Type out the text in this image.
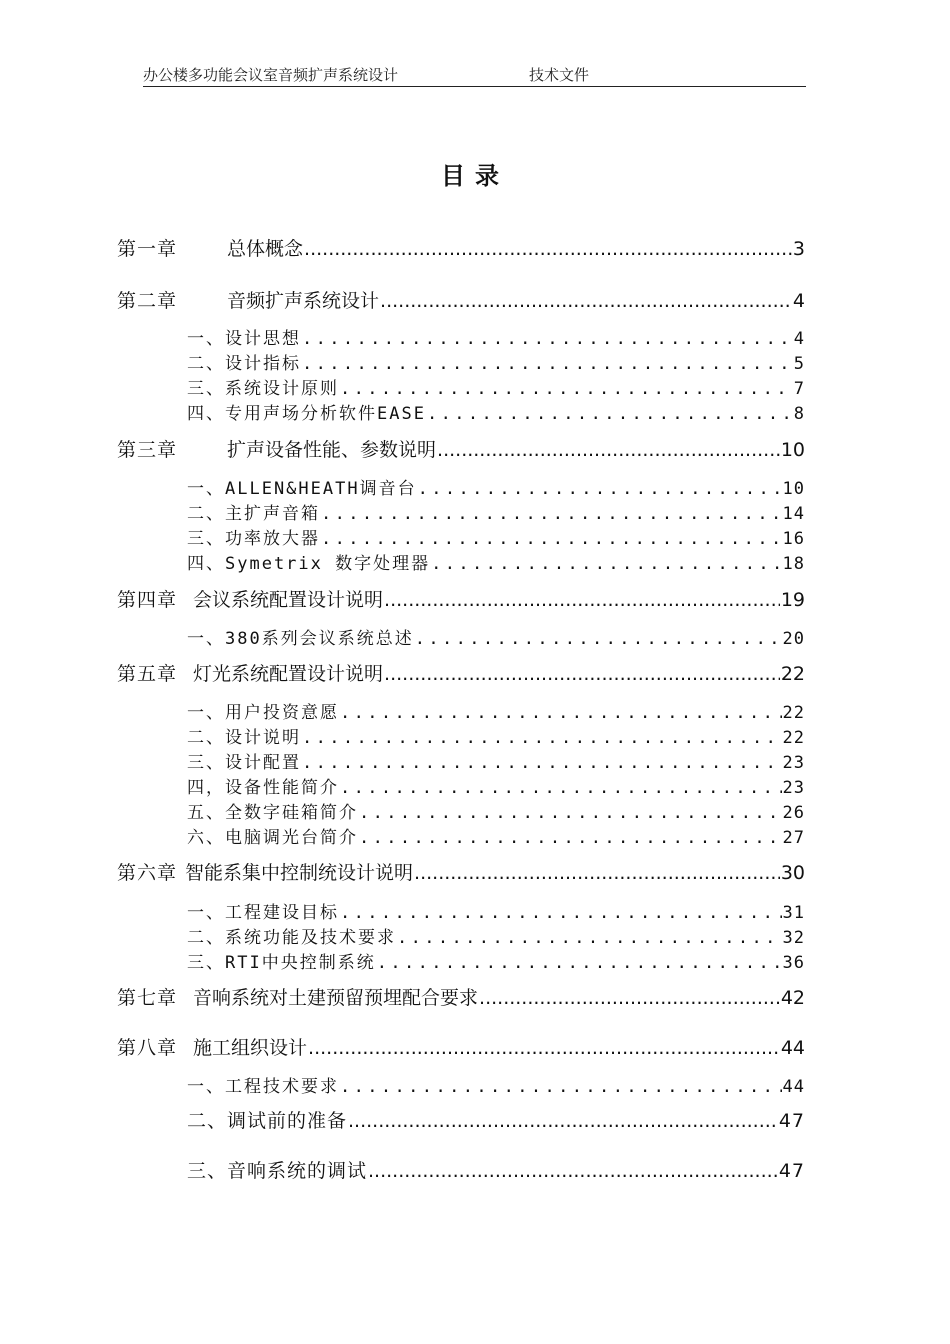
办公楼多功能会议室音频扩声系统设计	技术文件
目录
第一章	总体概念 .....	3
第二章	音频扩声系统设计 .....	4
一、设计思想 .....	4
二、设计指标 .....	5
三、系统设计原则 .....	7
四、专用声场分析软件EASE .....	8
第三章	扩声设备性能、参数说明 .....	10
一、ALLEN&HEATH调音台 .....	10
二、主扩声音箱 .....	14
三、功率放大器 .....	16
四、Symetrix 数字处理器 .....	18
第四章 会议系统配置设计说明 .....	19
一、380系列会议系统总述 .....	20
第五章 灯光系统配置设计说明 .....	22
一、用户投资意愿 .....	22
二、设计说明 .....	22
三、设计配置 .....	23
四，设备性能简介 .....	23
五、全数字硅箱简介 .....	26
六、电脑调光台简介 .....	27
第六章 智能系集中控制统设计说明 .....	30
一、工程建设目标 .....	31
二、系统功能及技术要求 .....	32
三、RTI中央控制系统 .....	36
第七章 音响系统对土建预留预埋配合要求 .....	42
第八章 施工组织设计 .....	44
一、工程技术要求 .....	44
二、调试前的准备 .....	47
三、音响系统的调试 .....	47
